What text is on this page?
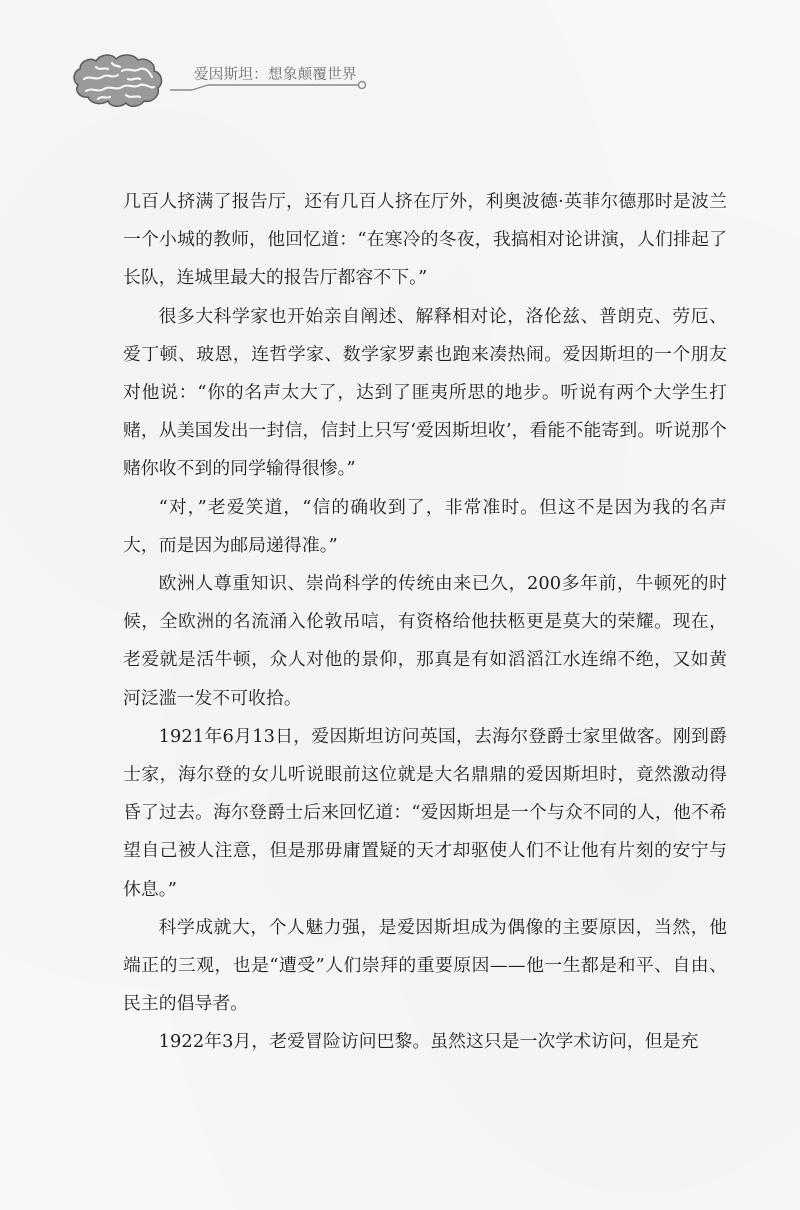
爱因斯坦：想象颠覆世界

几百人挤满了报告厅，还有几百人挤在厅外，利奥波德·英菲尔德那时是波兰一个小城的教师，他回忆道：“在寒冷的冬夜，我搞相对论讲演，人们排起了长队，连城里最大的报告厅都容不下。”

很多大科学家也开始亲自阐述、解释相对论，洛伦兹、普朗克、劳厄、爱丁顿、玻恩，连哲学家、数学家罗素也跑来凑热闹。爱因斯坦的一个朋友对他说：“你的名声太大了，达到了匪夷所思的地步。听说有两个大学生打赌，从美国发出一封信，信封上只写‘爱因斯坦收’，看能不能寄到。听说那个赌你收不到的同学输得很惨。”

“对，”老爱笑道，“信的确收到了，非常准时。但这不是因为我的名声大，而是因为邮局递得准。”

欧洲人尊重知识、崇尚科学的传统由来已久，200多年前，牛顿死的时候，全欧洲的名流涌入伦敦吊唁，有资格给他扶柩更是莫大的荣耀。现在，老爱就是活牛顿，众人对他的景仰，那真是有如滔滔江水连绵不绝，又如黄河泛滥一发不可收拾。

1921年6月13日，爱因斯坦访问英国，去海尔登爵士家里做客。刚到爵士家，海尔登的女儿听说眼前这位就是大名鼎鼎的爱因斯坦时，竟然激动得昏了过去。海尔登爵士后来回忆道：“爱因斯坦是一个与众不同的人，他不希望自己被人注意，但是那毋庸置疑的天才却驱使人们不让他有片刻的安宁与休息。”

科学成就大，个人魅力强，是爱因斯坦成为偶像的主要原因，当然，他端正的三观，也是“遭受”人们崇拜的重要原因——他一生都是和平、自由、民主的倡导者。

1922年3月，老爱冒险访问巴黎。虽然这只是一次学术访问，但是充
